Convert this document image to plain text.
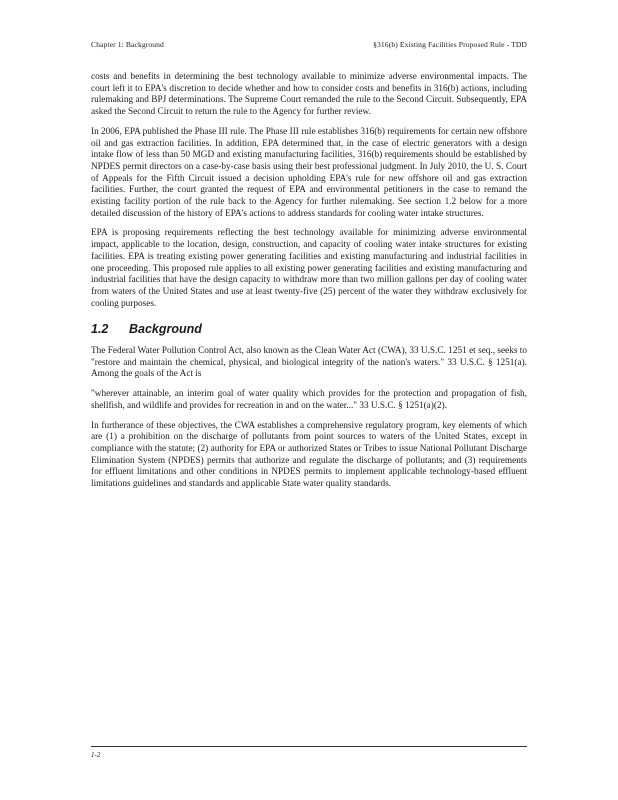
Chapter 1: Background	§316(b) Existing Facilities Proposed Rule - TDD

costs and benefits in determining the best technology available to minimize adverse environmental impacts. The court left it to EPA's discretion to decide whether and how to consider costs and benefits in 316(b) actions, including rulemaking and BPJ determinations. The Supreme Court remanded the rule to the Second Circuit. Subsequently, EPA asked the Second Circuit to return the rule to the Agency for further review.

In 2006, EPA published the Phase III rule. The Phase III rule establishes 316(b) requirements for certain new offshore oil and gas extraction facilities. In addition, EPA determined that, in the case of electric generators with a design intake flow of less than 50 MGD and existing manufacturing facilities, 316(b) requirements should be established by NPDES permit directors on a case-by-case basis using their best professional judgment. In July 2010, the U. S. Court of Appeals for the Fifth Circuit issued a decision upholding EPA's rule for new offshore oil and gas extraction facilities. Further, the court granted the request of EPA and environmental petitioners in the case to remand the existing facility portion of the rule back to the Agency for further rulemaking. See section 1.2 below for a more detailed discussion of the history of EPA's actions to address standards for cooling water intake structures.

EPA is proposing requirements reflecting the best technology available for minimizing adverse environmental impact, applicable to the location, design, construction, and capacity of cooling water intake structures for existing facilities. EPA is treating existing power generating facilities and existing manufacturing and industrial facilities in one proceeding. This proposed rule applies to all existing power generating facilities and existing manufacturing and industrial facilities that have the design capacity to withdraw more than two million gallons per day of cooling water from waters of the United States and use at least twenty-five (25) percent of the water they withdraw exclusively for cooling purposes.

1.2	Background

The Federal Water Pollution Control Act, also known as the Clean Water Act (CWA), 33 U.S.C. 1251 et seq., seeks to "restore and maintain the chemical, physical, and biological integrity of the nation's waters." 33 U.S.C. § 1251(a). Among the goals of the Act is

"wherever attainable, an interim goal of water quality which provides for the protection and propagation of fish, shellfish, and wildlife and provides for recreation in and on the water..." 33 U.S.C. § 1251(a)(2).

In furtherance of these objectives, the CWA establishes a comprehensive regulatory program, key elements of which are (1) a prohibition on the discharge of pollutants from point sources to waters of the United States, except in compliance with the statute; (2) authority for EPA or authorized States or Tribes to issue National Pollutant Discharge Elimination System (NPDES) permits that authorize and regulate the discharge of pollutants; and (3) requirements for effluent limitations and other conditions in NPDES permits to implement applicable technology-based effluent limitations guidelines and standards and applicable State water quality standards.

1-2
